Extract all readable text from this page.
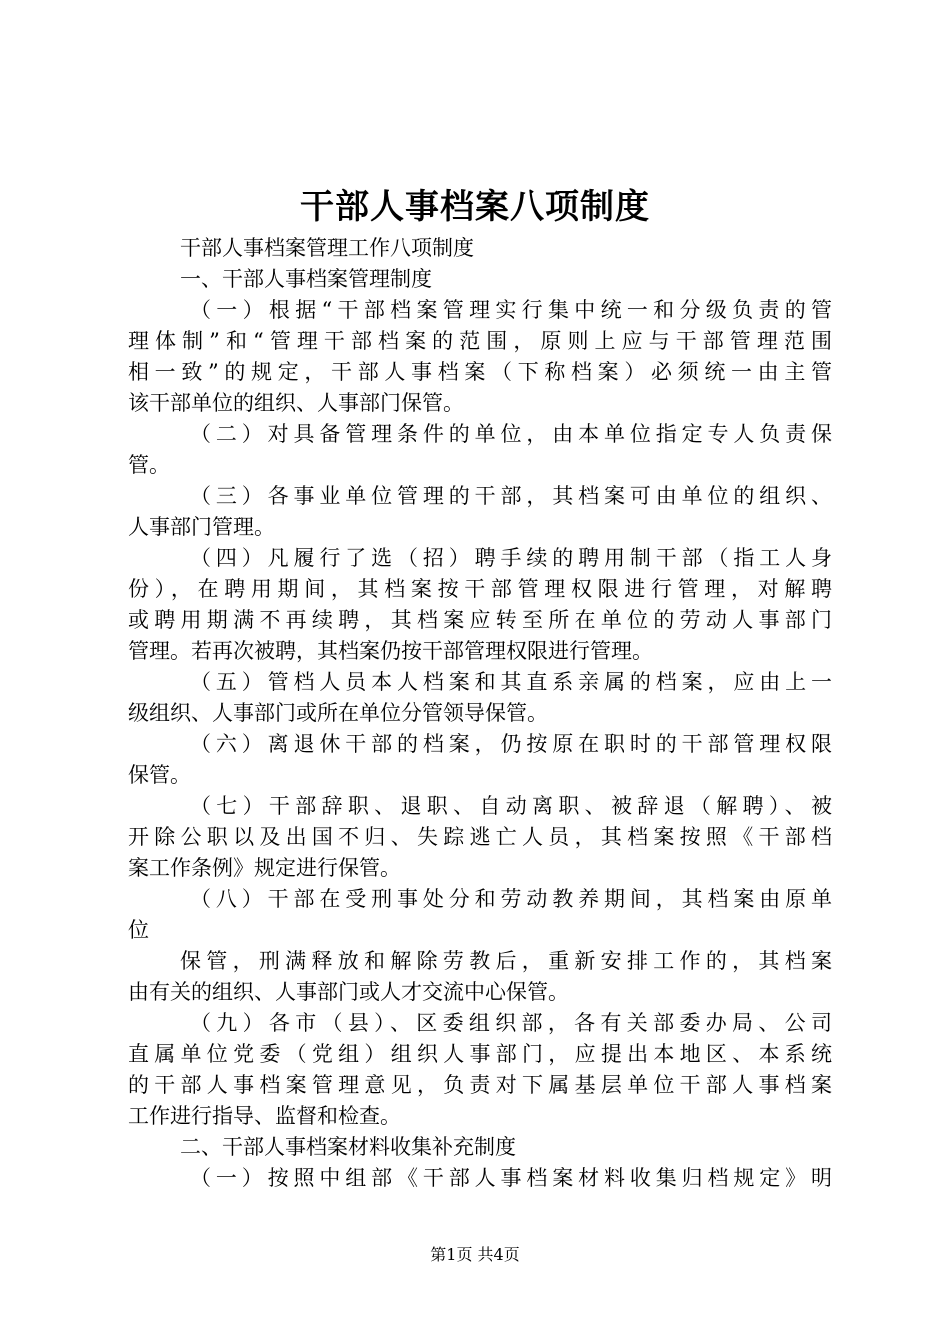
干部人事档案八项制度
干部人事档案管理工作八项制度
一、干部人事档案管理制度
（一）根据“干部档案管理实行集中统一和分级负责的管
理体制”和“管理干部档案的范围，原则上应与干部管理范围
相一致”的规定，干部人事档案（下称档案）必须统一由主管
该干部单位的组织、人事部门保管。
（二）对具备管理条件的单位，由本单位指定专人负责保
管。
（三）各事业单位管理的干部，其档案可由单位的组织、
人事部门管理。
（四）凡履行了选（招）聘手续的聘用制干部（指工人身
份），在聘用期间，其档案按干部管理权限进行管理，对解聘
或聘用期满不再续聘，其档案应转至所在单位的劳动人事部门
管理。若再次被聘，其档案仍按干部管理权限进行管理。
（五）管档人员本人档案和其直系亲属的档案，应由上一
级组织、人事部门或所在单位分管领导保管。
（六）离退休干部的档案，仍按原在职时的干部管理权限
保管。
（七）干部辞职、退职、自动离职、被辞退（解聘）、被
开除公职以及出国不归、失踪逃亡人员，其档案按照《干部档
案工作条例》规定进行保管。
（八）干部在受刑事处分和劳动教养期间，其档案由原单
位
保管，刑满释放和解除劳教后，重新安排工作的，其档案
由有关的组织、人事部门或人才交流中心保管。
（九）各市（县）、区委组织部，各有关部委办局、公司
直属单位党委（党组）组织人事部门，应提出本地区、本系统
的干部人事档案管理意见，负责对下属基层单位干部人事档案
工作进行指导、监督和检查。
二、干部人事档案材料收集补充制度
（一）按照中组部《干部人事档案材料收集归档规定》明
第1页 共4页
